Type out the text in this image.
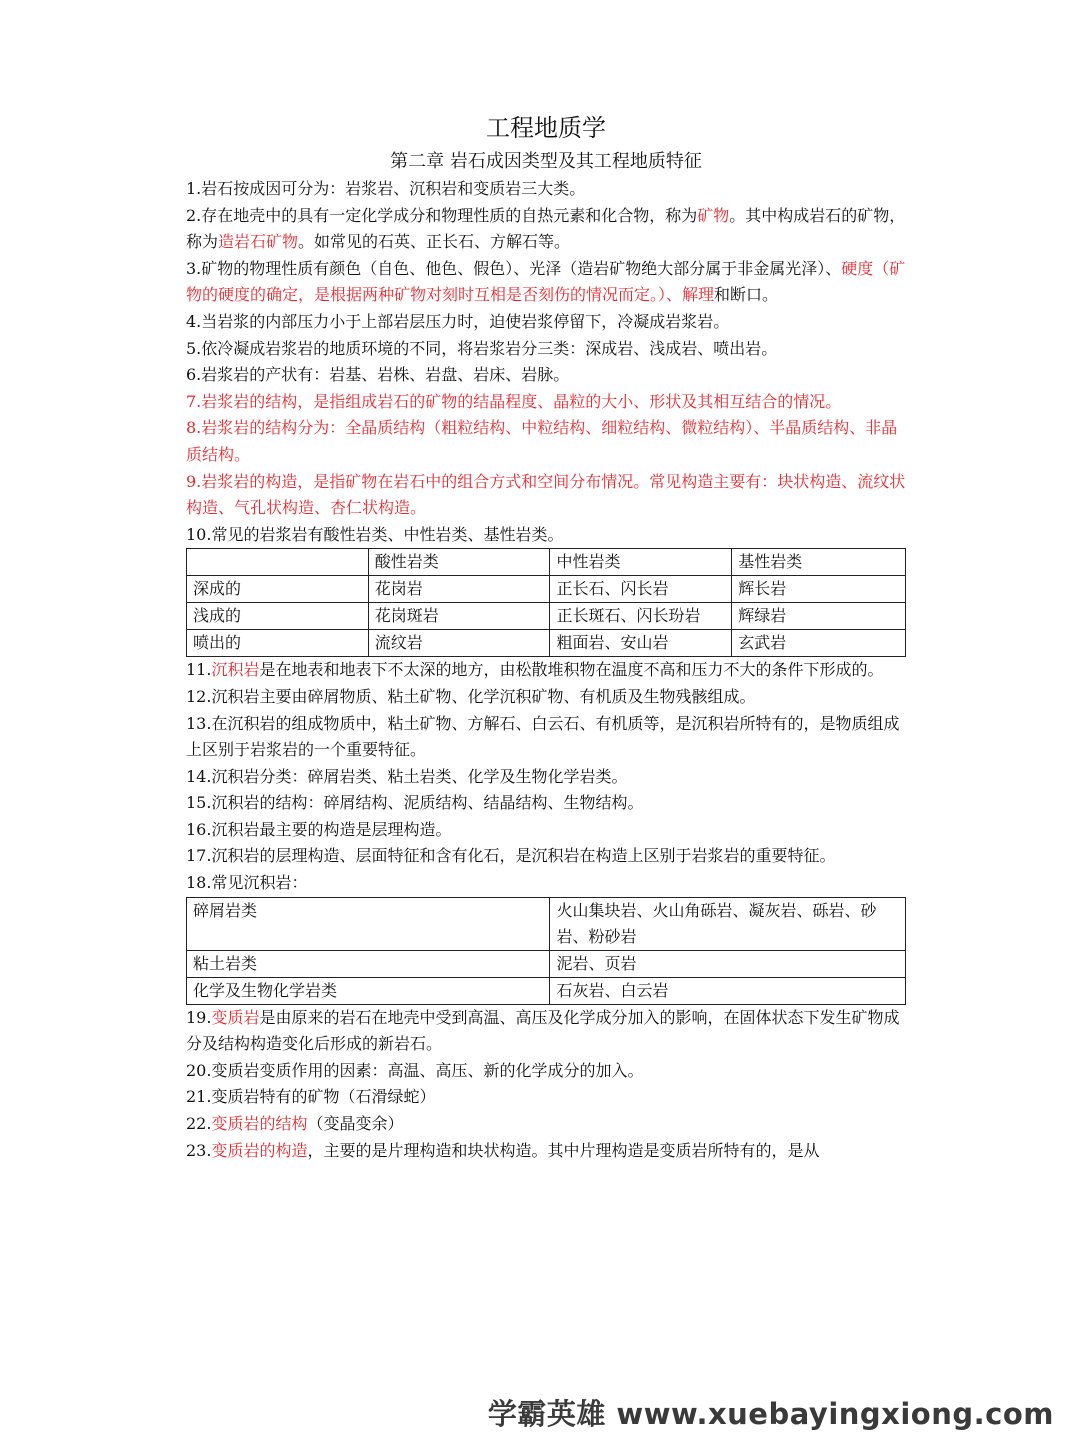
工程地质学
第二章 岩石成因类型及其工程地质特征

1.岩石按成因可分为：岩浆岩、沉积岩和变质岩三大类。

2.存在地壳中的具有一定化学成分和物理性质的自热元素和化合物，称为矿物。其中构成岩石的矿物，称为造岩石矿物。如常见的石英、正长石、方解石等。

3.矿物的物理性质有颜色（自色、他色、假色）、光泽（造岩矿物绝大部分属于非金属光泽）、硬度（矿物的硬度的确定，是根据两种矿物对刻时互相是否刻伤的情况而定。）、解理和断口。

4.当岩浆的内部压力小于上部岩层压力时，迫使岩浆停留下，冷凝成岩浆岩。

5.依冷凝成岩浆岩的地质环境的不同，将岩浆岩分三类：深成岩、浅成岩、喷出岩。

6.岩浆岩的产状有：岩基、岩株、岩盘、岩床、岩脉。

7.岩浆岩的结构，是指组成岩石的矿物的结晶程度、晶粒的大小、形状及其相互结合的情况。

8.岩浆岩的结构分为：全晶质结构（粗粒结构、中粒结构、细粒结构、微粒结构）、半晶质结构、非晶质结构。

9.岩浆岩的构造，是指矿物在岩石中的组合方式和空间分布情况。常见构造主要有：块状构造、流纹状构造、气孔状构造、杏仁状构造。

10.常见的岩浆岩有酸性岩类、中性岩类、基性岩类。

	酸性岩类	中性岩类	基性岩类
深成的	花岗岩	正长石、闪长岩	辉长岩
浅成的	花岗斑岩	正长斑石、闪长玢岩	辉绿岩
喷出的	流纹岩	粗面岩、安山岩	玄武岩

11.沉积岩是在地表和地表下不太深的地方，由松散堆积物在温度不高和压力不大的条件下形成的。

12.沉积岩主要由碎屑物质、粘土矿物、化学沉积矿物、有机质及生物残骸组成。

13.在沉积岩的组成物质中，粘土矿物、方解石、白云石、有机质等，是沉积岩所特有的，是物质组成上区别于岩浆岩的一个重要特征。

14.沉积岩分类：碎屑岩类、粘土岩类、化学及生物化学岩类。

15.沉积岩的结构：碎屑结构、泥质结构、结晶结构、生物结构。

16.沉积岩最主要的构造是层理构造。

17.沉积岩的层理构造、层面特征和含有化石，是沉积岩在构造上区别于岩浆岩的重要特征。

18.常见沉积岩：

碎屑岩类	火山集块岩、火山角砾岩、凝灰岩、砾岩、砂岩、粉砂岩
粘土岩类	泥岩、页岩
化学及生物化学岩类	石灰岩、白云岩

19.变质岩是由原来的岩石在地壳中受到高温、高压及化学成分加入的影响，在固体状态下发生矿物成分及结构构造变化后形成的新岩石。

20.变质岩变质作用的因素：高温、高压、新的化学成分的加入。

21.变质岩特有的矿物（石滑绿蛇）

22.变质岩的结构（变晶变余）

23.变质岩的构造，主要的是片理构造和块状构造。其中片理构造是变质岩所特有的，是从

学霸英雄 www.xuebayingxiong.com
